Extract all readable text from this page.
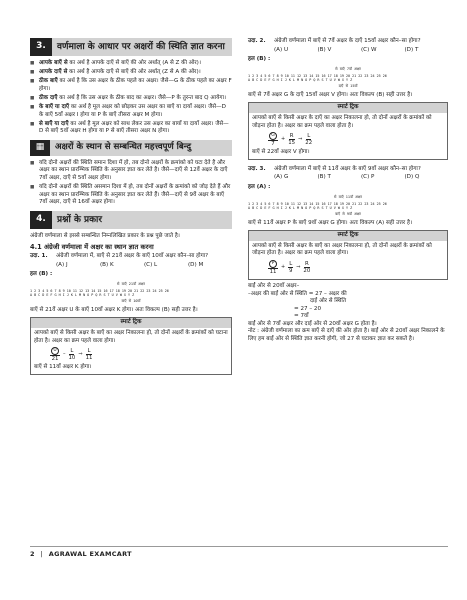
3.	वर्णमाला के आधार पर अक्षरों की स्थिति ज्ञात करना
■ आपके बाएँ से का अर्थ है आपके दाएँ से बाएँ की ओर अर्थात् (A से Z की ओर)।
■ आपके दाएँ से का अर्थ है आपके दाएँ से बाएँ की ओर अर्थात् (Z से A की ओर)।
■ ठीक बाएँ का अर्थ है कि उस अक्षर के ठीक पहले का अक्षर। जैसे—G के ठीक पहले का अक्षर F होगा।
■ ठीक दाएँ का अर्थ है कि उस अक्षर के ठीक बाद का अक्षर। जैसे—P के तुरन्त बाद Q आयेगा।
■ के बाएँ या दाएँ का अर्थ है मूल अक्षर को छोड़कर उस अक्षर का बाएँ या दायाँ अक्षर। जैसे—D के बाएँ 5वाँ अक्षर I होगा या P के बाएँ तीसरा अक्षर M होगा।
■ से बाएँ या दाएँ का अर्थ है मूल अक्षर को साथ लेकर उस अक्षर का बायाँ या दायाँ अक्षर। जैसे—D से बाएँ 5वाँ अक्षर H होगा या P से बाएँ तीसरा अक्षर N होगा।
▦	अक्षरों के स्थान से सम्बन्धित महत्त्वपूर्ण बिन्दु
■ यदि दोनो अक्षरों की स्थिति समान दिशा में हो, तब दोनो अक्षरों के क्रमांको को घटा देते है और अक्षर का स्थान प्रारम्भिक स्थिति के अनुसार ज्ञात कर लेते है। जैसे—दाएँ से 12वें अक्षर के दाएँ 7वाँ अक्षर, दाएँ से 5वाँ अक्षर होगा।
■ यदि दोनो अक्षरों की स्थिति असमान दिशा में हो, तब दोनों अक्षरों के क्रमांको को जोड़ देते हैं और अक्षर का स्थान प्रारम्भिक स्थिति के अनुसार ज्ञात कर लेते हैं। जैसे—दाएँ से 9वें अक्षर के बाएँ 7वाँ अक्षर, दाएँ से 16वाँ अक्षर होगा।
4.	प्रश्नों के प्रकार
अंग्रेजी वर्णमाला से इससे सम्बन्धित निम्नलिखित प्रकार के प्रश्न पूछे जाते है।
4.1 अंग्रेजी वर्णमाला में अक्षर का स्थान ज्ञात करना
उदा. 1.	अंग्रेजी वर्णमाला में, बाएँ से 21वें अक्षर के बाएँ 10वाँ अक्षर कौन–सा होगा?
(A) J	(B) K	(C) L	(D) M
हल (B) :
से बाएँ 21वाँ अक्षर
1 2 3 4 5 6 7 8 9 10 11 12 13 14 15 16 17 18 19 20 21 22 23 24 25 26
A B C D E F G H I J K L M N O P Q R S T U V W X Y Z
बाएँ से 10वाँ
बाएँ से 21वें अक्षर U के बाएँ 10वाँ अक्षर K होगा। अतः विकल्प (B) सही उत्तर है।
स्मार्ट ट्रिक
आपको बाएँ से किसी अक्षर के बाएँ का अक्षर निकालना हो, तो दोनों अक्षरों के क्रमांकों को घटाना होता है। अक्षर का क्रम पहले वाला होगा।
$\frac{U}{21} - \frac{L}{10}$ ⇒ $\frac{L}{11}$
बाएँ से 11वाँ अक्षर K होगा।
उदा. 2.	अंग्रेजी वर्णमाला में बाएँ से 7वें अक्षर के दाएँ 15वाँ अक्षर कौन–सा होगा?
(A) U	(B) V	(C) W	(D) T
हल (B) :
से बाएँ 7वाँ अक्षर
1 2 3 4 5 6 7 8 9 10 11 12 13 14 15 16 17 18 19 20 21 22 23 24 25 26
A B C D E F G H I J K L M N O P Q R S T U V W X Y Z
दाएँ से 15वाँ
बाएँ से 7वें अक्षर G के दाएँ 15वाँ अक्षर V होगा। अतः विकल्प (B) सही उत्तर है।
स्मार्ट ट्रिक
आपको बाएँ से किसी अक्षर के दाएँ का अक्षर निकालना हो, तो दोनों अक्षरों के क्रमांकों को जोड़ना होता है। अक्षर का क्रम पहले वाला होता है।
$\frac{G}{7} + \frac{R}{15}$ ⇒ $\frac{L}{22}$
बाएँ से 22वाँ अक्षर V होगा।
उदा. 3.	अंग्रेजी वर्णमाला में बाएँ से 11वें अक्षर के बाएँ 9वाँ अक्षर कौन–सा होगा?
(A) G	(B) T	(C) P	(D) Q
हल (A) :
से बाएँ 11वाँ अक्षर
1 2 3 4 5 6 7 8 9 10 11 12 13 14 15 16 17 18 19 20 21 22 23 24 25 26
A B C D E F G H I J K L M N O P Q R S T U V W X Y Z
बाएँ से 9वाँ अक्षर
बाएँ से 11वें अक्षर P के बाएँ 9वाँ अक्षर G होगा। अतः विकल्प (A) सही उत्तर है।
स्मार्ट ट्रिक
आपको बाएँ से किसी अक्षर के बाएँ का अक्षर निकालना हो, तो दोनों अक्षरों के क्रमांकों को जोड़ना होता है। अक्षर का क्रम पहले वाला होगा।
$\frac{P}{11} + \frac{L}{9}$ ⇒ $\frac{R}{20}$
बाईं ओर से 20वाँ अक्षर–
–अक्षर की बाईं ओर से स्थिति = 27 – अक्षर की
दाईं ओर से स्थिति
= 27 – 20
= 7वाँ
बाईं ओर से 7वाँ अक्षर और दाईं ओर से 20वाँ अक्षर G होता है।
नोट : अंग्रेजी वर्णमाला का क्रम बाएँ से दाएँ की ओर होता है। बाईं ओर से 20वाँ अक्षर निकालने के लिए हम बाईं ओर से स्थिति ज्ञात करनी होगी, जो 27 से घटाकर ज्ञात कर सकते है।
2 | AGRAWAL EXAMCART
